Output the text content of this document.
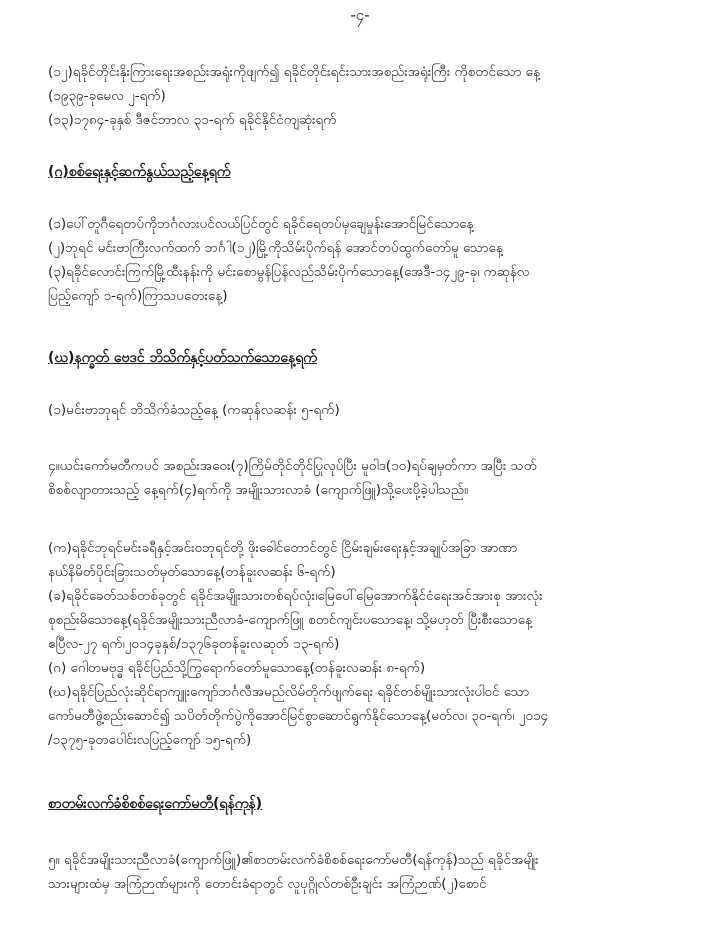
-၄-
(၁၂)ရခိုင်တိုင်းနိုးကြားရေးအစည်းအရုံးကိုဖျက်၍ ရခိုင်တိုင်းရင်းသားအစည်းအရုံးကြီး ကိုစတင်သော နေ့
(၁၉၃၉-ခုမေလ ၂-ရက်)
(၁၃)၁၇၈၄-ခုနှစ် ဒီဇင်ဘာလ ၃၁-ရက် ရခိုင်နိုင်ငံကျဆုံးရက်
(ဂ)စစ်ရေးနှင့်ဆက်နွယ်သည့်နေ့ရက်
(၁)ပေါ်တူဂီရေတပ်ကိုဘင်္ဂလားပင်လယ်ပြင်တွင် ရခိုင်ရေတပ်မှချေမှုန်းအောင်မြင်သောနေ့
(၂)ဘုရင် မင်းဗာကြီးလက်ထက် ဘင်္ဂါ(၁၂)မြို့ကိုသိမ်းပိုက်ရန် အောင်တပ်ထွက်တော်မူ သောနေ့
(၃)ရခိုင်လောင်းကြက်မြို့ထီးနန်းကို မင်းစောမွန်ပြန်လည်သိမ်းပိုက်သောနေ့(အေဒီ-၁၄၂၉-ခု၊ ကဆုန်လ
ပြည့်ကျော် ၁-ရက်)ကြာသပတေးနေ့)
(ဃ)နက္ခတ် ဗေဒင် ဘိသိက်နှင့်ပတ်သက်သောနေ့ရက်
(၁)မင်းဗာဘုရင် ဘိသိက်ခံသည့်နေ့ (ကဆုန်လဆန်း ၅-ရက်)
၄။ယင်းကော်မတီကပင် အစည်းအဝေး(၇)ကြိမ်တိုင်တိုင်ပြုလုပ်ပြီး မူဝါဒ(၁၀)ရပ်ချမှတ်ကာ အပြီး သတ်
စိစစ်လျာတားသည့် နေ့ရက်(၄)ရက်ကို အမျိုးသားလာခံ (ကျောက်ဖြူ)သို့ပေးပို့ခဲ့ပါသည်။
(က)ရခိုင်ဘုရင်မင်းခရီနှင့်အင်းဝဘုရင်တို့ ဖိုးခေါင်တောင်တွင် ငြိမ်းချမ်းရေးနှင့်အချုပ်အခြာ အာဏာ
နယ်နိမိတ်ပိုင်းခြားသတ်မှတ်သောနေ့(တန်ခူးလဆန်း ၆-ရက်)
(ခ)ရခိုင်ခေတ်သစ်တစ်ခုတွင် ရခိုင်အမျိုးသားတစ်ရပ်လုံး၊မြေပေါ်မြေအောက်နိုင်ငံရေးအင်အားစု အားလုံး
စုစည်းမိသောနေ့(ရခိုင်အမျိုးသားညီလာခံ-ကျောက်ဖြူ စတင်ကျင်းပသောနေ့၊ သို့မဟုတ် ပြီးစီးသောနေ့
ဧပြီလ-၂၇ ရက်၊၂၀၁၄ခုနှစ်/၁၃၇၆ခုတန်ခူးလဆုတ် ၁၃-ရက်)
(ဂ) ဂေါတမဗုဒ္ဓ ရခိုင်ပြည်သို့ကြွရောက်တော်မူသောနေ့(တန်ခူးလဆန်း ၈-ရက်)
(ဃ)ရခိုင်ပြည်လုံးဆိုင်ရာကျူးကျော်ဘင်္ဂလီအမည်လိမ်တိုက်ဖျက်ရေး ရခိုင်တစ်မျိုးသားလုံးပါဝင် သော
ကော်မတီဖွဲ့စည်းဆောင်၍ သပိတ်တိုက်ပွဲကိုအောင်မြင်စွာဆောင်ရွက်နိုင်သောနေ့(မတ်လ၊ ၃၀-ရက်၊ ၂၀၁၄
/၁၃၇၅-ခုတပေါင်းလပြည့်ကျော် ၁၅-ရက်)
စာတမ်းလက်ခံစိစစ်ရေးကော်မတီ(ရန်ကုန်)
၅။ ရခိုင်အမျိုးသားညီလာခံ(ကျောက်ဖြူ)၏စာတမ်းလက်ခံစိစစ်ရေးကော်မတီ(ရန်ကုန်)သည် ရခိုင်အမျိုး
သားများထံမှ အကြံဉာဏ်များကို တောင်းခံရာတွင် လူပုဂ္ဂိုလ်တစ်ဦးချင်း အကြံဉာဏ်(၂)စောင်
